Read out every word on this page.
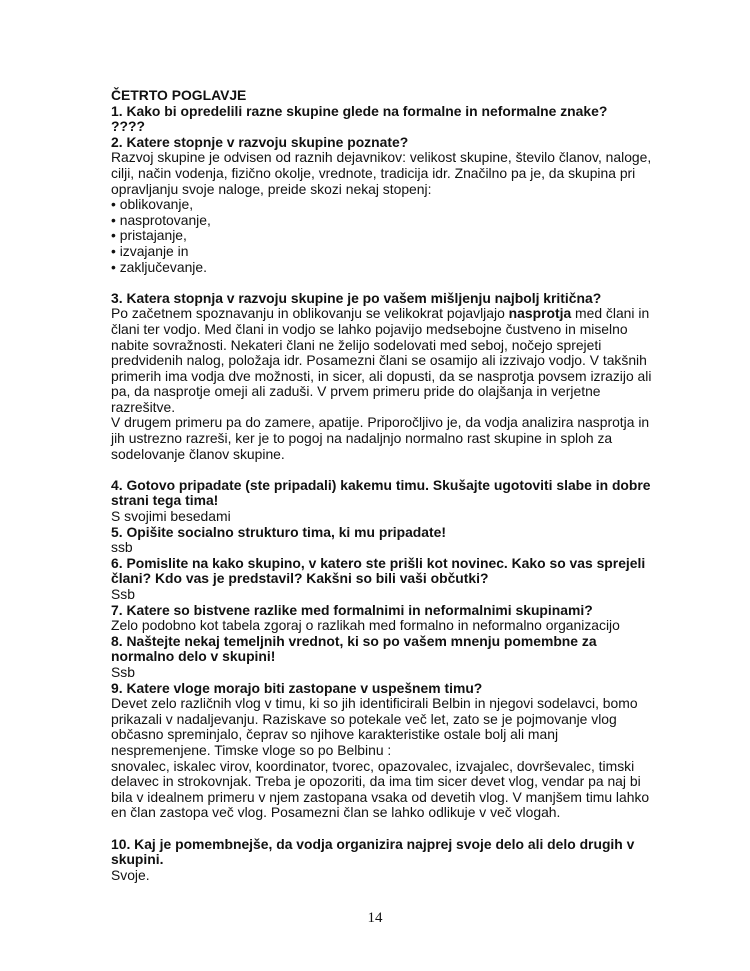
ČETRTO POGLAVJE
1. Kako bi opredelili razne skupine glede na formalne in neformalne znake?
????
2. Katere stopnje v razvoju skupine poznate?
Razvoj skupine je odvisen od raznih dejavnikov: velikost skupine, število članov, naloge,
cilji, način vodenja, fizično okolje, vrednote, tradicija idr. Značilno pa je, da skupina pri
opravljanju svoje naloge, preide skozi nekaj stopenj:
• oblikovanje,
• nasprotovanje,
• pristajanje,
• izvajanje in
• zaključevanje.
3. Katera stopnja v razvoju skupine je po vašem mišljenju najbolj kritična?
Po začetnem spoznavanju in oblikovanju se velikokrat pojavljajo nasprotja med člani in
člani ter vodjo. Med člani in vodjo se lahko pojavijo medsebojne čustveno in miselno
nabite sovražnosti. Nekateri člani ne želijo sodelovati med seboj, nočejo sprejeti
predvidenih nalog, položaja idr. Posamezni člani se osamijo ali izzivajo vodjo. V takšnih
primerih ima vodja dve možnosti, in sicer, ali dopusti, da se nasprotja povsem izrazijo ali
pa, da nasprotje omeji ali zaduši. V prvem primeru pride do olajšanja in verjetne
razrešitve.
V drugem primeru pa do zamere, apatije. Priporočljivo je, da vodja analizira nasprotja in
jih ustrezno razreši, ker je to pogoj na nadaljnjo normalno rast skupine in sploh za
sodelovanje članov skupine.
4. Gotovo pripadate (ste pripadali) kakemu timu. Skušajte ugotoviti slabe in dobre
strani tega tima!
S svojimi besedami
5. Opišite socialno strukturo tima, ki mu pripadate!
ssb
6. Pomislite na kako skupino, v katero ste prišli kot novinec. Kako so vas sprejeli
člani? Kdo vas je predstavil? Kakšni so bili vaši občutki?
Ssb
7. Katere so bistvene razlike med formalnimi in neformalnimi skupinami?
Zelo podobno kot tabela zgoraj o razlikah med formalno in neformalno organizacijo
8. Naštejte nekaj temeljnih vrednot, ki so po vašem mnenju pomembne za
normalno delo v skupini!
Ssb
9. Katere vloge morajo biti zastopane v uspešnem timu?
Devet zelo različnih vlog v timu, ki so jih identificirali Belbin in njegovi sodelavci, bomo
prikazali v nadaljevanju. Raziskave so potekale več let, zato se je pojmovanje vlog
občasno spreminjalo, čeprav so njihove karakteristike ostale bolj ali manj
nespremenjene. Timske vloge so po Belbinu :
snovalec, iskalec virov, koordinator, tvorec, opazovalec, izvajalec, dovrševalec, timski
delavec in strokovnjak. Treba je opozoriti, da ima tim sicer devet vlog, vendar pa naj bi
bila v idealnem primeru v njem zastopana vsaka od devetih vlog. V manjšem timu lahko
en član zastopa več vlog. Posamezni član se lahko odlikuje v več vlogah.
10. Kaj je pomembnejše, da vodja organizira najprej svoje delo ali delo drugih v
skupini.
Svoje.
14
